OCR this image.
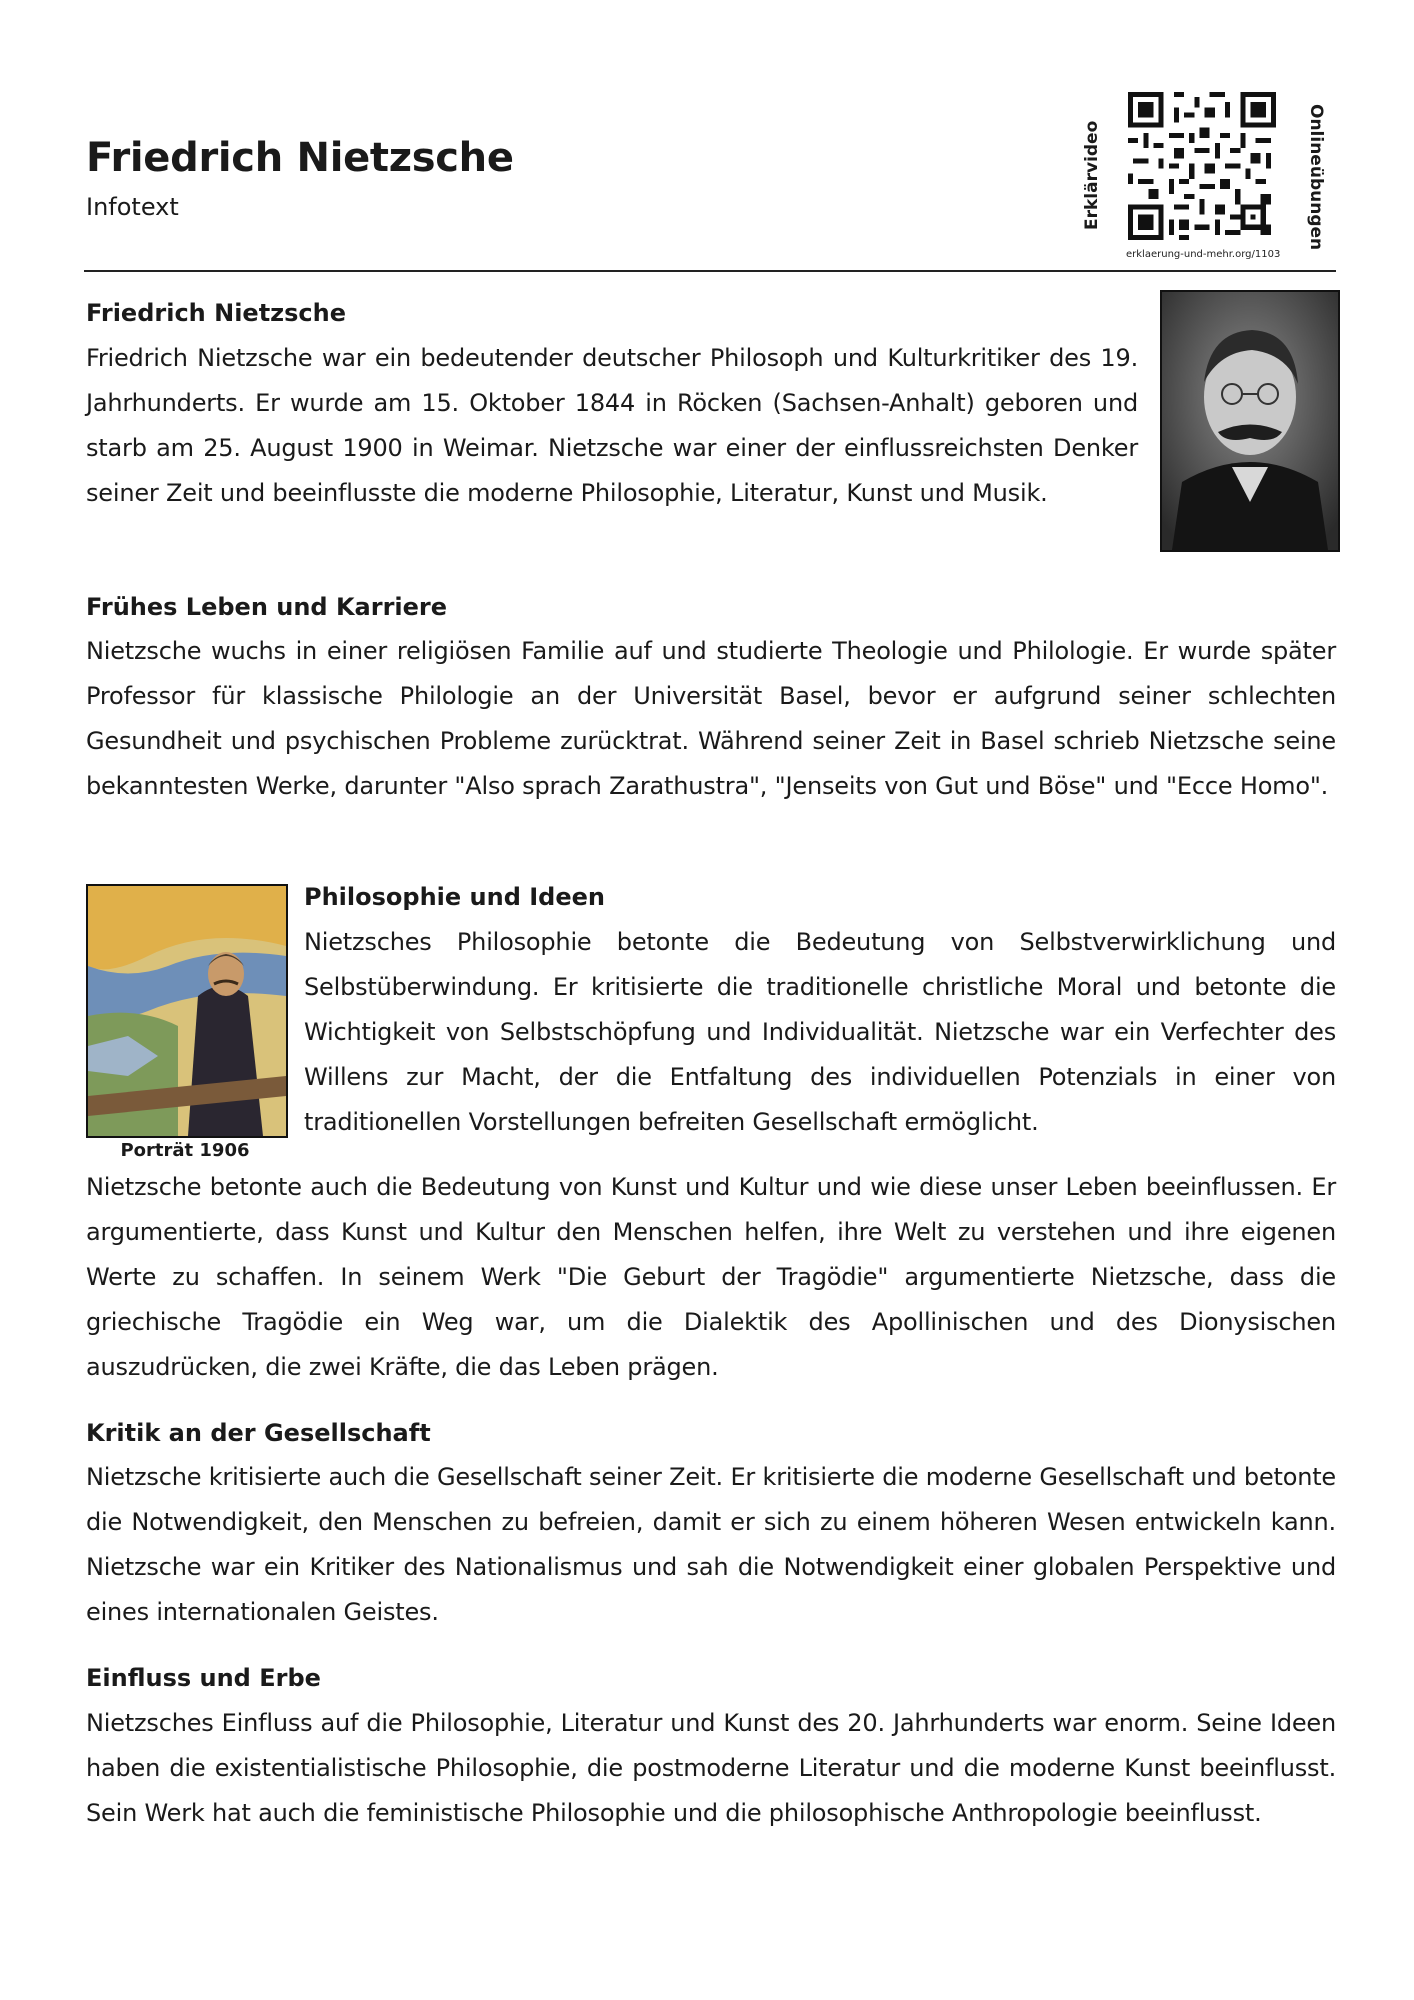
Friedrich Nietzsche
Infotext	Erklärvideo	Onlineübungen
erklaerung-und-mehr.org/1103
Friedrich Nietzsche
Friedrich Nietzsche war ein bedeutender deutscher Philosoph und Kulturkritiker des 19. Jahrhunderts. Er wurde am 15. Oktober 1844 in Röcken (Sachsen-Anhalt) geboren und starb am 25. August 1900 in Weimar. Nietzsche war einer der einflussreichsten Denker seiner Zeit und beeinflusste die moderne Philosophie, Literatur, Kunst und Musik.
Frühes Leben und Karriere
Nietzsche wuchs in einer religiösen Familie auf und studierte Theologie und Philologie. Er wurde später Professor für klassische Philologie an der Universität Basel, bevor er aufgrund seiner schlechten Gesundheit und psychischen Probleme zurücktrat. Während seiner Zeit in Basel schrieb Nietzsche seine bekanntesten Werke, darunter "Also sprach Zarathustra", "Jenseits von Gut und Böse" und "Ecce Homo".
Porträt 1906
Philosophie und Ideen
Nietzsches Philosophie betonte die Bedeutung von Selbstverwirklichung und Selbstüberwindung. Er kritisierte die traditionelle christliche Moral und betonte die Wichtigkeit von Selbstschöpfung und Individualität. Nietzsche war ein Verfechter des Willens zur Macht, der die Entfaltung des individuellen Potenzials in einer von traditionellen Vorstellungen befreiten Gesellschaft ermöglicht.
Nietzsche betonte auch die Bedeutung von Kunst und Kultur und wie diese unser Leben beeinflussen. Er argumentierte, dass Kunst und Kultur den Menschen helfen, ihre Welt zu verstehen und ihre eigenen Werte zu schaffen. In seinem Werk "Die Geburt der Tragödie" argumentierte Nietzsche, dass die griechische Tragödie ein Weg war, um die Dialektik des Apollinischen und des Dionysischen auszudrücken, die zwei Kräfte, die das Leben prägen.
Kritik an der Gesellschaft
Nietzsche kritisierte auch die Gesellschaft seiner Zeit. Er kritisierte die moderne Gesellschaft und betonte die Notwendigkeit, den Menschen zu befreien, damit er sich zu einem höheren Wesen entwickeln kann. Nietzsche war ein Kritiker des Nationalismus und sah die Notwendigkeit einer globalen Perspektive und eines internationalen Geistes.
Einfluss und Erbe
Nietzsches Einfluss auf die Philosophie, Literatur und Kunst des 20. Jahrhunderts war enorm. Seine Ideen haben die existentialistische Philosophie, die postmoderne Literatur und die moderne Kunst beeinflusst. Sein Werk hat auch die feministische Philosophie und die philosophische Anthropologie beeinflusst.
